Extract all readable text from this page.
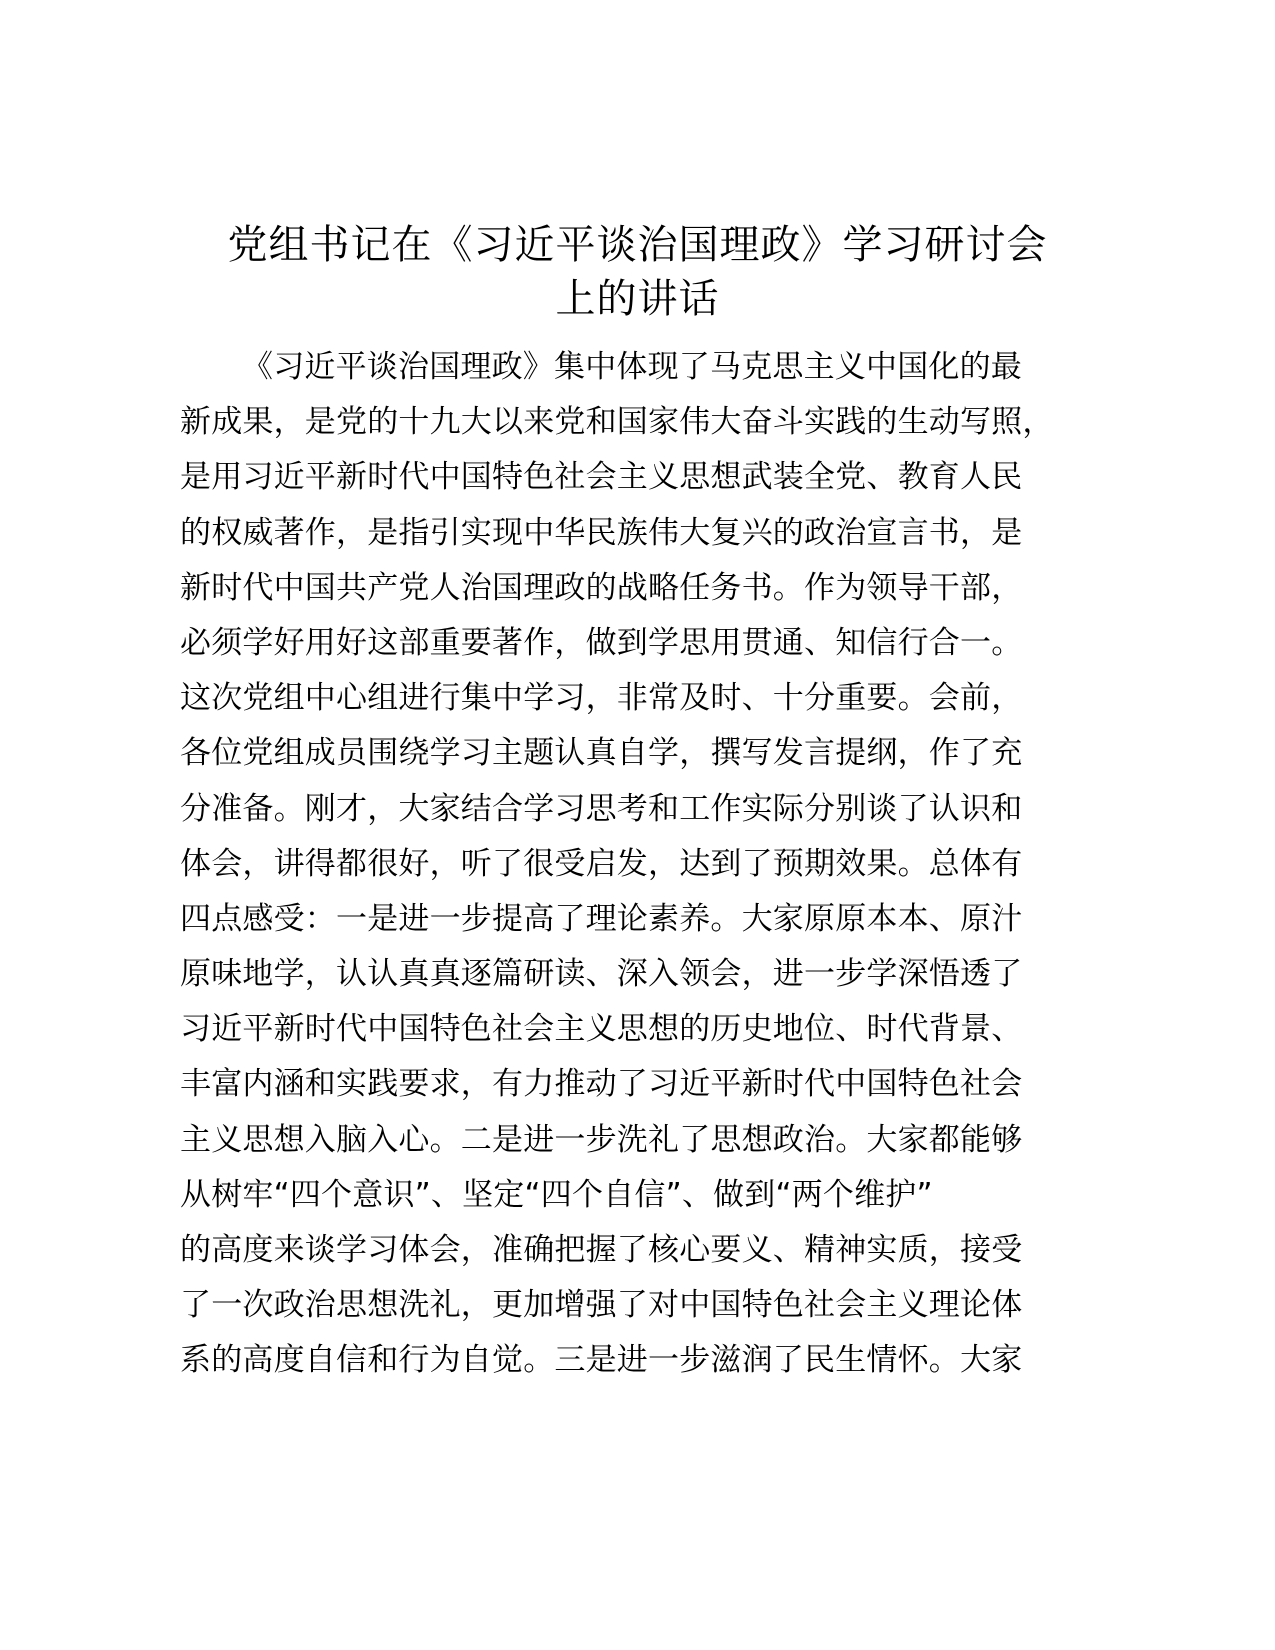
党组书记在《习近平谈治国理政》学习研讨会
上的讲话
《习近平谈治国理政》集中体现了马克思主义中国化的最
新成果，是党的十九大以来党和国家伟大奋斗实践的生动写照，
是用习近平新时代中国特色社会主义思想武装全党、教育人民
的权威著作，是指引实现中华民族伟大复兴的政治宣言书，是
新时代中国共产党人治国理政的战略任务书。作为领导干部，
必须学好用好这部重要著作，做到学思用贯通、知信行合一。
这次党组中心组进行集中学习，非常及时、十分重要。会前，
各位党组成员围绕学习主题认真自学，撰写发言提纲，作了充
分准备。刚才，大家结合学习思考和工作实际分别谈了认识和
体会，讲得都很好，听了很受启发，达到了预期效果。总体有
四点感受：一是进一步提高了理论素养。大家原原本本、原汁
原味地学，认认真真逐篇研读、深入领会，进一步学深悟透了
习近平新时代中国特色社会主义思想的历史地位、时代背景、
丰富内涵和实践要求，有力推动了习近平新时代中国特色社会
主义思想入脑入心。二是进一步洗礼了思想政治。大家都能够
从树牢“四个意识”、坚定“四个自信”、做到“两个维护”
的高度来谈学习体会，准确把握了核心要义、精神实质，接受
了一次政治思想洗礼，更加增强了对中国特色社会主义理论体
系的高度自信和行为自觉。三是进一步滋润了民生情怀。大家
